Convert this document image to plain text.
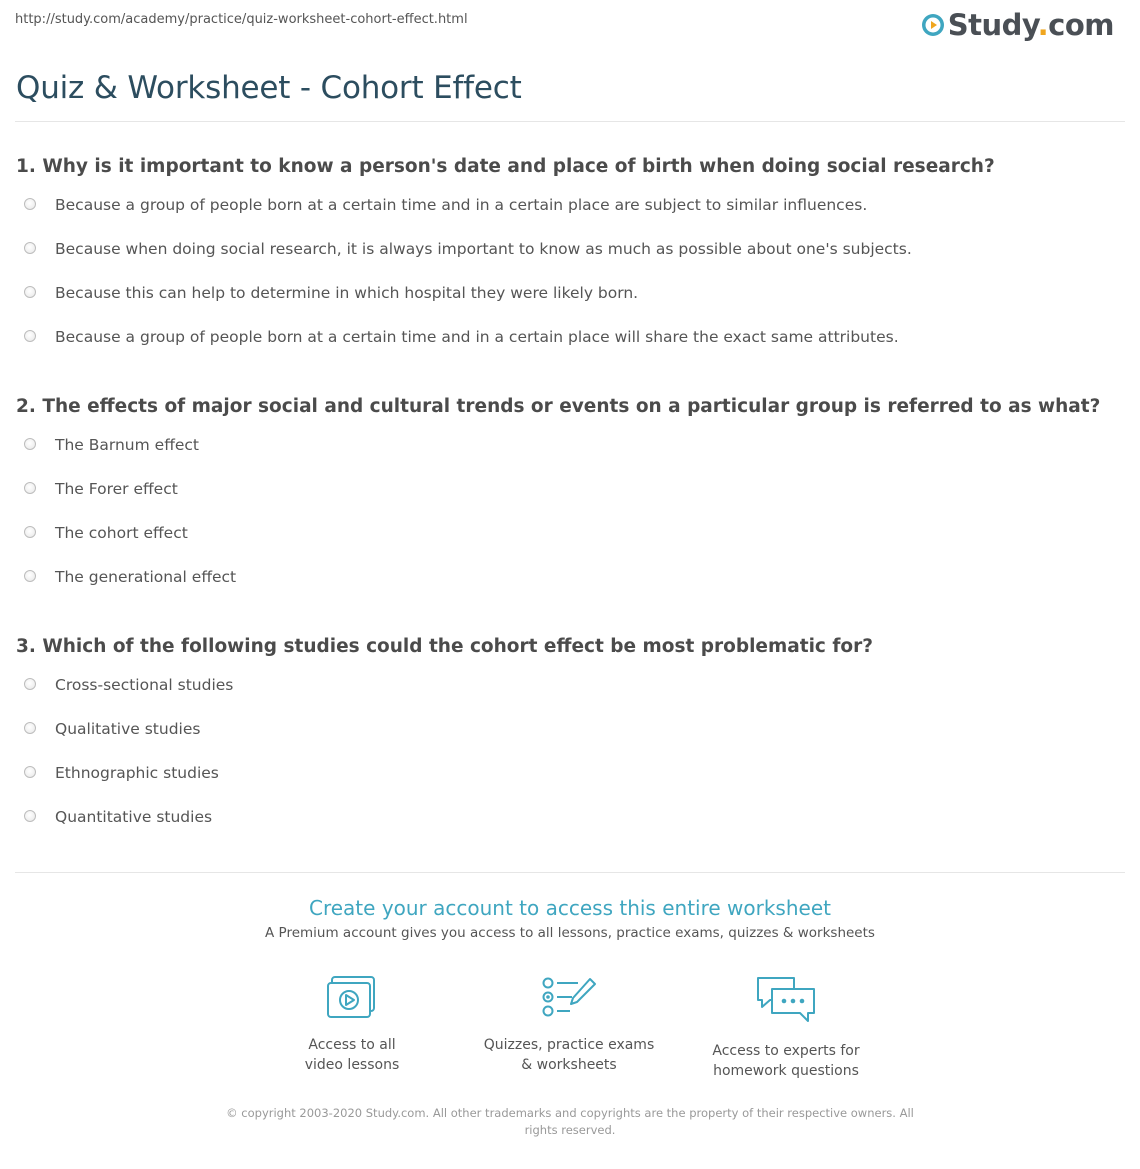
http://study.com/academy/practice/quiz-worksheet-cohort-effect.html	Study.com
Quiz & Worksheet - Cohort Effect
1. Why is it important to know a person's date and place of birth when doing social research?
Because a group of people born at a certain time and in a certain place are subject to similar influences.
Because when doing social research, it is always important to know as much as possible about one's subjects.
Because this can help to determine in which hospital they were likely born.
Because a group of people born at a certain time and in a certain place will share the exact same attributes.
2. The effects of major social and cultural trends or events on a particular group is referred to as what?
The Barnum effect
The Forer effect
The cohort effect
The generational effect
3. Which of the following studies could the cohort effect be most problematic for?
Cross-sectional studies
Qualitative studies
Ethnographic studies
Quantitative studies
Create your account to access this entire worksheet
A Premium account gives you access to all lessons, practice exams, quizzes & worksheets
Access to all
video lessons
Quizzes, practice exams
& worksheets
Access to experts for
homework questions
© copyright 2003-2020 Study.com. All other trademarks and copyrights are the property of their respective owners. All rights reserved.
